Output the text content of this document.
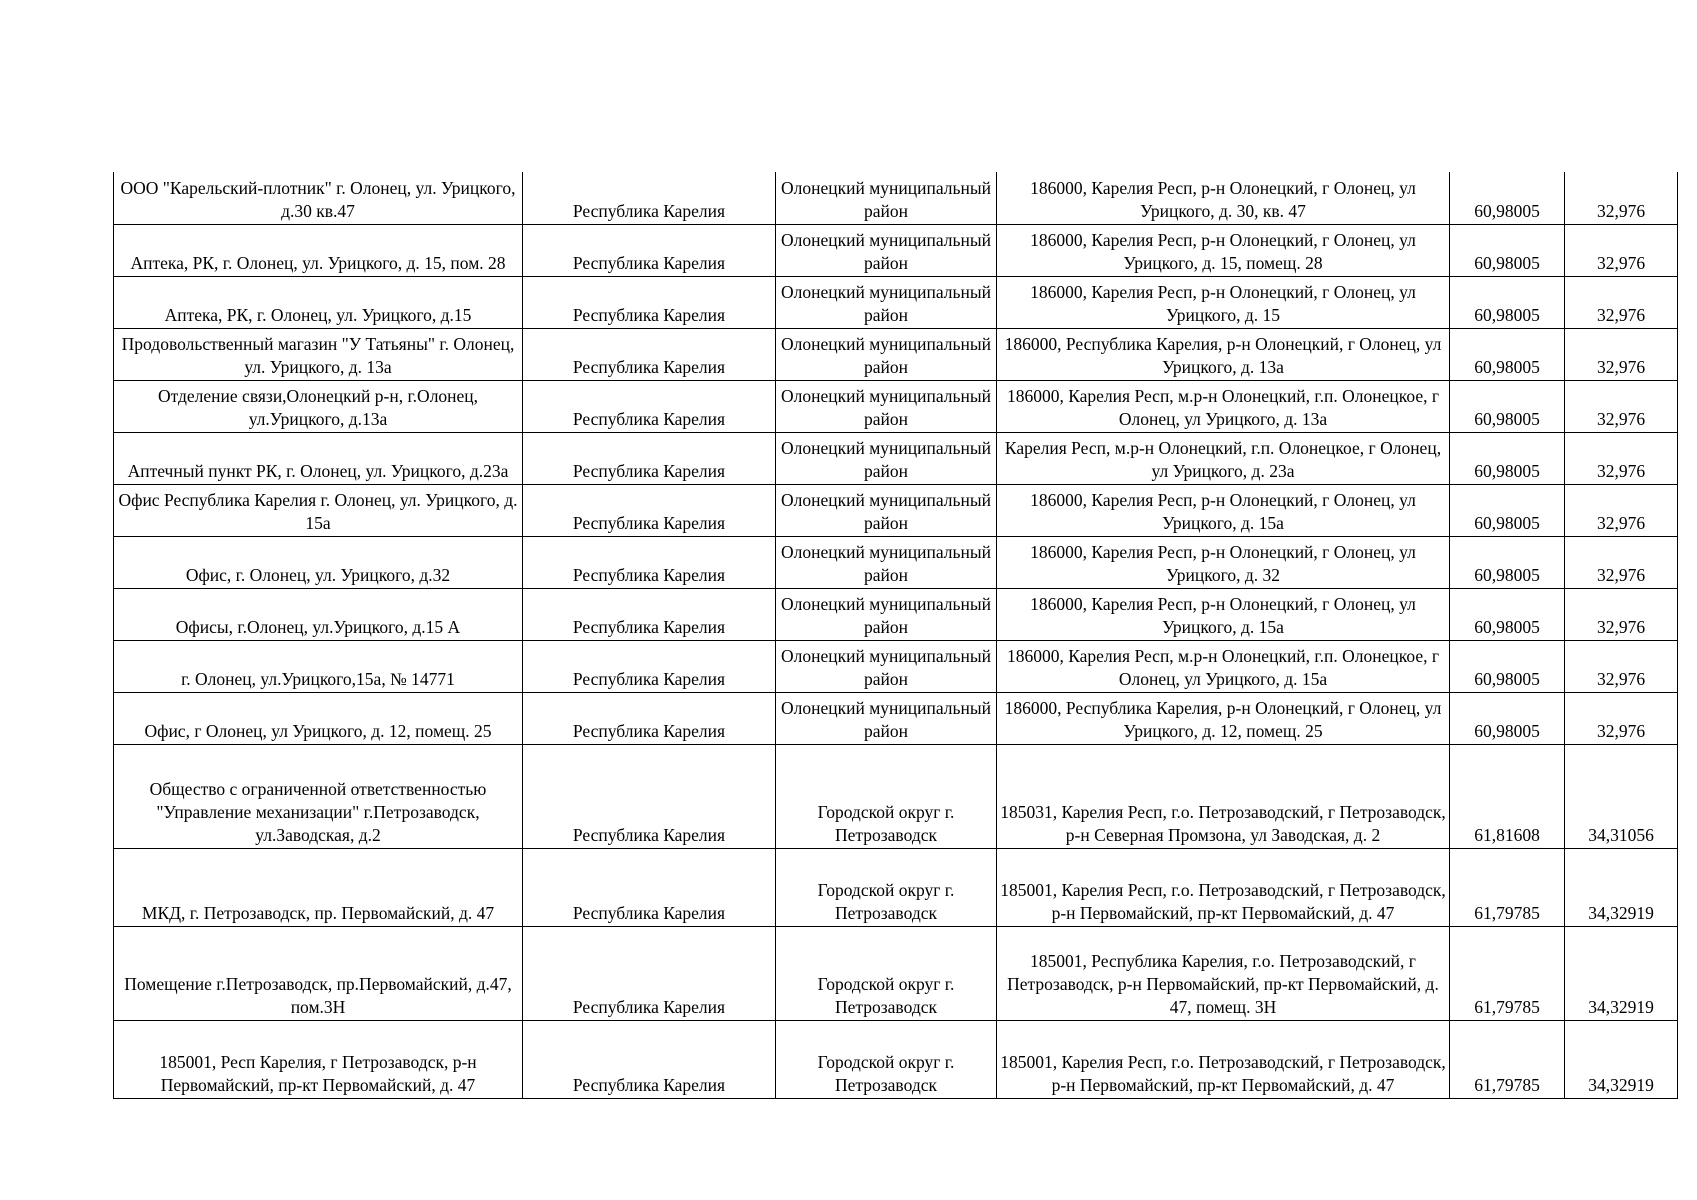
ООО "Карельский-плотник" г. Олонец, ул. Урицкого, д.30 кв.47	Республика Карелия	Олонецкий муниципальный район	186000, Карелия Респ, р-н Олонецкий, г Олонец, ул Урицкого, д. 30, кв. 47	60,98005	32,976
Аптека, РК, г. Олонец, ул. Урицкого, д. 15, пом. 28	Республика Карелия	Олонецкий муниципальный район	186000, Карелия Респ, р-н Олонецкий, г Олонец, ул Урицкого, д. 15, помещ. 28	60,98005	32,976
Аптека, РК, г. Олонец, ул. Урицкого, д.15	Республика Карелия	Олонецкий муниципальный район	186000, Карелия Респ, р-н Олонецкий, г Олонец, ул Урицкого, д. 15	60,98005	32,976
Продовольственный магазин "У Татьяны" г. Олонец, ул. Урицкого, д. 13а	Республика Карелия	Олонецкий муниципальный район	186000, Республика Карелия, р-н Олонецкий, г Олонец, ул Урицкого, д. 13а	60,98005	32,976
Отделение связи,Олонецкий р-н, г.Олонец, ул.Урицкого, д.13а	Республика Карелия	Олонецкий муниципальный район	186000, Карелия Респ, м.р-н Олонецкий, г.п. Олонецкое, г Олонец, ул Урицкого, д. 13а	60,98005	32,976
Аптечный пункт РК, г. Олонец, ул. Урицкого, д.23а	Республика Карелия	Олонецкий муниципальный район	Карелия Респ, м.р-н Олонецкий, г.п. Олонецкое, г Олонец, ул Урицкого, д. 23а	60,98005	32,976
Офис Республика Карелия г. Олонец, ул. Урицкого, д. 15а	Республика Карелия	Олонецкий муниципальный район	186000, Карелия Респ, р-н Олонецкий, г Олонец, ул Урицкого, д. 15а	60,98005	32,976
Офис, г. Олонец, ул. Урицкого, д.32	Республика Карелия	Олонецкий муниципальный район	186000, Карелия Респ, р-н Олонецкий, г Олонец, ул Урицкого, д. 32	60,98005	32,976
Офисы, г.Олонец, ул.Урицкого, д.15 А	Республика Карелия	Олонецкий муниципальный район	186000, Карелия Респ, р-н Олонецкий, г Олонец, ул Урицкого, д. 15а	60,98005	32,976
г. Олонец, ул.Урицкого,15а, № 14771	Республика Карелия	Олонецкий муниципальный район	186000, Карелия Респ, м.р-н Олонецкий, г.п. Олонецкое, г Олонец, ул Урицкого, д. 15а	60,98005	32,976
Офис, г Олонец, ул Урицкого, д. 12, помещ. 25	Республика Карелия	Олонецкий муниципальный район	186000, Республика Карелия, р-н Олонецкий, г Олонец, ул Урицкого, д. 12, помещ. 25	60,98005	32,976
Общество с ограниченной ответственностью "Управление механизации" г.Петрозаводск, ул.Заводская, д.2	Республика Карелия	Городской округ г. Петрозаводск	185031, Карелия Респ, г.о. Петрозаводский, г Петрозаводск, р-н Северная Промзона, ул Заводская, д. 2	61,81608	34,31056
МКД, г. Петрозаводск, пр. Первомайский, д. 47	Республика Карелия	Городской округ г. Петрозаводск	185001, Карелия Респ, г.о. Петрозаводский, г Петрозаводск, р-н Первомайский, пр-кт Первомайский, д. 47	61,79785	34,32919
Помещение г.Петрозаводск, пр.Первомайский, д.47, пом.3Н	Республика Карелия	Городской округ г. Петрозаводск	185001, Республика Карелия, г.о. Петрозаводский, г Петрозаводск, р-н Первомайский, пр-кт Первомайский, д. 47, помещ. 3Н	61,79785	34,32919
185001, Респ Карелия, г Петрозаводск, р-н Первомайский, пр-кт Первомайский, д. 47	Республика Карелия	Городской округ г. Петрозаводск	185001, Карелия Респ, г.о. Петрозаводский, г Петрозаводск, р-н Первомайский, пр-кт Первомайский, д. 47	61,79785	34,32919
